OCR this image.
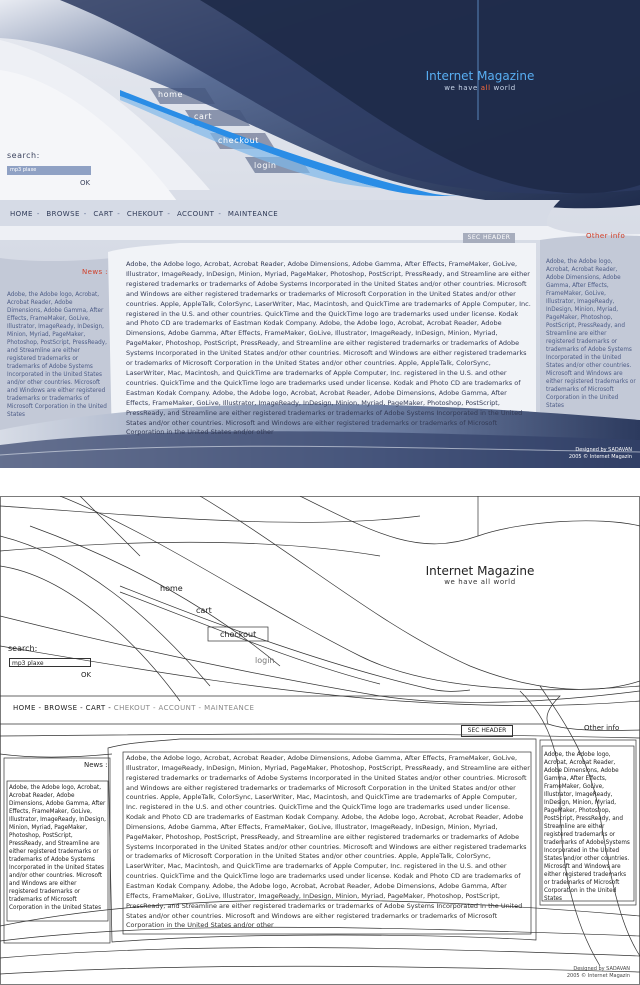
Internet Magazine
we have all world
home
cart
checkout
login
search:
mp3 plaxe
OK
HOME - BROWSE - CART - CHEKOUT - ACCOUNT - MAINTEANCE
SEC HEADER	Other info
News :
Adobe, the Adobe logo, Acrobat, Acrobat Reader, Adobe Dimensions, Adobe Gamma, After Effects, FrameMaker, GoLive, Illustrator, ImageReady, InDesign, Minion, Myriad, PageMaker, Photoshop, PostScript, PressReady, and Streamline are either registered trademarks or trademarks of Adobe Systems Incorporated in the United States and/or other countries. Microsoft and Windows are either registered trademarks or trademarks of Microsoft Corporation in the United States
Adobe, the Adobe logo, Acrobat, Acrobat Reader, Adobe Dimensions, Adobe Gamma, After Effects, FrameMaker, GoLive, Illustrator, ImageReady, InDesign, Minion, Myriad, PageMaker, Photoshop, PostScript, PressReady, and Streamline are either registered trademarks or trademarks of Adobe Systems Incorporated in the United States and/or other countries. Microsoft and Windows are either registered trademarks or trademarks of Microsoft Corporation in the United States and/or other countries. Apple, AppleTalk, ColorSync, LaserWriter, Mac, Macintosh, and QuickTime are trademarks of Apple Computer, Inc. registered in the U.S. and other countries. QuickTime and the QuickTime logo are trademarks used under license. Kodak and Photo CD are trademarks of Eastman Kodak Company. Adobe, the Adobe logo, Acrobat, Acrobat Reader, Adobe Dimensions, Adobe Gamma, After Effects, FrameMaker, GoLive, Illustrator, ImageReady, InDesign, Minion, Myriad, PageMaker, Photoshop, PostScript, PressReady, and Streamline are either registered trademarks or trademarks of Adobe Systems Incorporated in the United States and/or other countries. Microsoft and Windows are either registered trademarks or trademarks of Microsoft Corporation in the United States and/or other countries. Apple, AppleTalk, ColorSync, LaserWriter, Mac, Macintosh, and QuickTime are trademarks of Apple Computer, Inc. registered in the U.S. and other countries. QuickTime and the QuickTime logo are trademarks used under license. Kodak and Photo CD are trademarks of Eastman Kodak Company. Adobe, the Adobe logo, Acrobat, Acrobat Reader, Adobe Dimensions, Adobe Gamma, After Effects, FrameMaker, GoLive, Illustrator, ImageReady, InDesign, Minion, Myriad, PageMaker, Photoshop, PostScript, PressReady, and Streamline are either registered trademarks or trademarks of Adobe Systems Incorporated in the United States and/or other countries. Microsoft and Windows are either registered trademarks or trademarks of Microsoft Corporation in the United States and/or other
Adobe, the Adobe logo, Acrobat, Acrobat Reader, Adobe Dimensions, Adobe Gamma, After Effects, FrameMaker, GoLive, Illustrator, ImageReady, InDesign, Minion, Myriad, PageMaker, Photoshop, PostScript, PressReady, and Streamline are either registered trademarks or trademarks of Adobe Systems Incorporated in the United States and/or other countries. Microsoft and Windows are either registered trademarks or trademarks of Microsoft Corporation in the United States
Designed by SADAVAN
2005 © Internet Magazin
Internet Magazine
we have all world
home
cart
checkout
login
search:
mp3 plaxe
OK
HOME - BROWSE - CART - CHEKOUT - ACCOUNT - MAINTEANCE
SEC HEADER	Other info
News :
Adobe, the Adobe logo, Acrobat, Acrobat Reader, Adobe Dimensions, Adobe Gamma, After Effects, FrameMaker, GoLive, Illustrator, ImageReady, InDesign, Minion, Myriad, PageMaker, Photoshop, PostScript, PressReady, and Streamline are either registered trademarks or trademarks of Adobe Systems Incorporated in the United States and/or other countries. Microsoft and Windows are either registered trademarks or trademarks of Microsoft Corporation in the United States
Adobe, the Adobe logo, Acrobat, Acrobat Reader, Adobe Dimensions, Adobe Gamma, After Effects, FrameMaker, GoLive, Illustrator, ImageReady, InDesign, Minion, Myriad, PageMaker, Photoshop, PostScript, PressReady, and Streamline are either registered trademarks or trademarks of Adobe Systems Incorporated in the United States and/or other countries. Microsoft and Windows are either registered trademarks or trademarks of Microsoft Corporation in the United States and/or other countries. Apple, AppleTalk, ColorSync, LaserWriter, Mac, Macintosh, and QuickTime are trademarks of Apple Computer, Inc. registered in the U.S. and other countries. QuickTime and the QuickTime logo are trademarks used under license. Kodak and Photo CD are trademarks of Eastman Kodak Company. Adobe, the Adobe logo, Acrobat, Acrobat Reader, Adobe Dimensions, Adobe Gamma, After Effects, FrameMaker, GoLive, Illustrator, ImageReady, InDesign, Minion, Myriad, PageMaker, Photoshop, PostScript, PressReady, and Streamline are either registered trademarks or trademarks of Adobe Systems Incorporated in the United States and/or other countries. Microsoft and Windows are either registered trademarks or trademarks of Microsoft Corporation in the United States and/or other countries. Apple, AppleTalk, ColorSync, LaserWriter, Mac, Macintosh, and QuickTime are trademarks of Apple Computer, Inc. registered in the U.S. and other countries. QuickTime and the QuickTime logo are trademarks used under license. Kodak and Photo CD are trademarks of Eastman Kodak Company. Adobe, the Adobe logo, Acrobat, Acrobat Reader, Adobe Dimensions, Adobe Gamma, After Effects, FrameMaker, GoLive, Illustrator, ImageReady, InDesign, Minion, Myriad, PageMaker, Photoshop, PostScript, PressReady, and Streamline are either registered trademarks or trademarks of Adobe Systems Incorporated in the United States and/or other countries. Microsoft and Windows are either registered trademarks or trademarks of Microsoft Corporation in the United States and/or other
Adobe, the Adobe logo, Acrobat, Acrobat Reader, Adobe Dimensions, Adobe Gamma, After Effects, FrameMaker, GoLive, Illustrator, ImageReady, InDesign, Minion, Myriad, PageMaker, Photoshop, PostScript, PressReady, and Streamline are either registered trademarks or trademarks of Adobe Systems Incorporated in the United States and/or other countries. Microsoft and Windows are either registered trademarks or trademarks of Microsoft Corporation in the United States
Designed by SADAVAN
2005 © Internet Magazin
